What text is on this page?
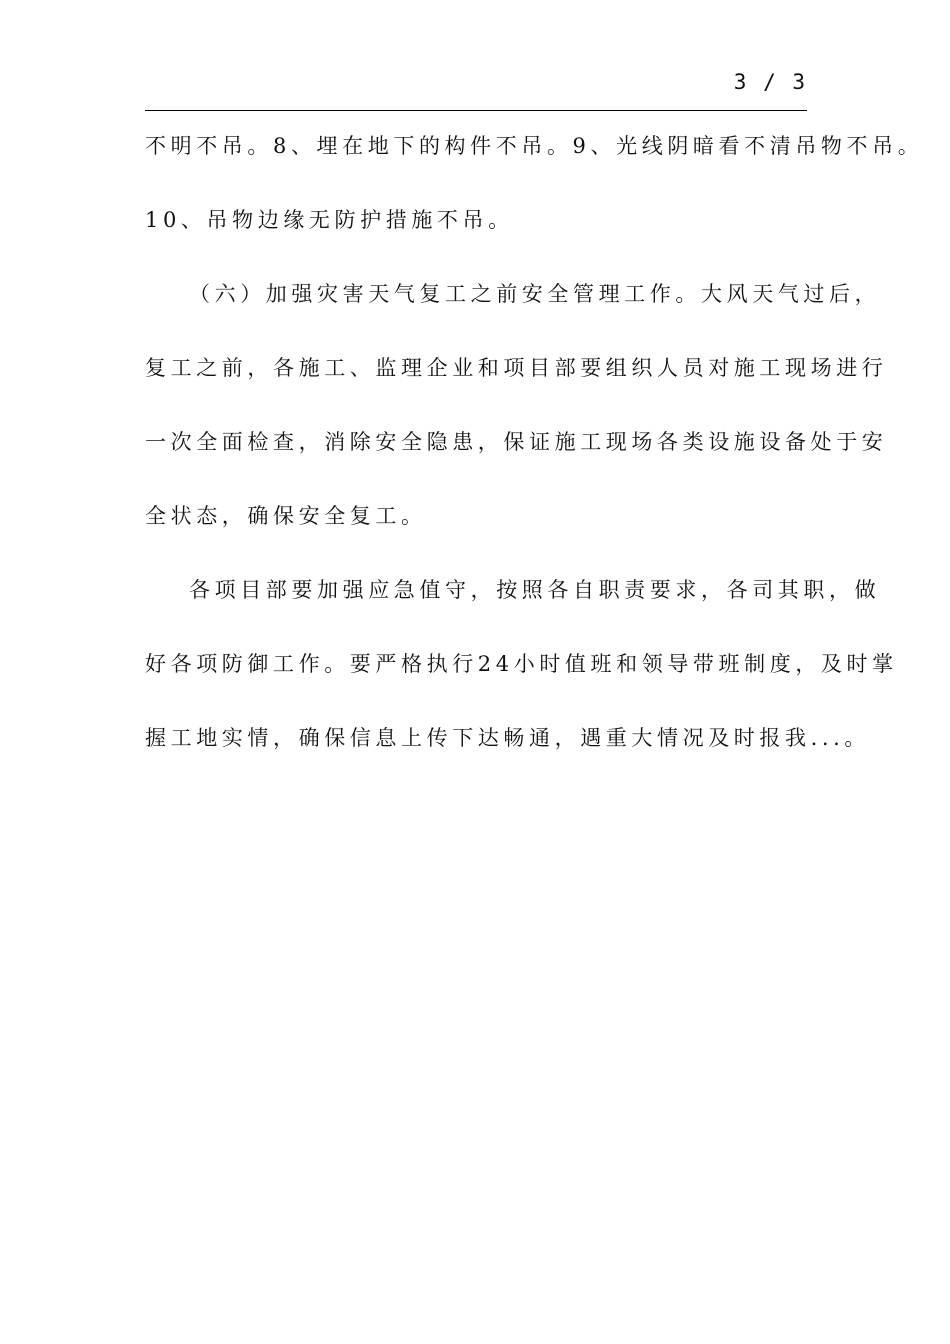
3 / 3
不明不吊。8、埋在地下的构件不吊。9、光线阴暗看不清吊物不吊。
10、吊物边缘无防护措施不吊。
（六）加强灾害天气复工之前安全管理工作。大风天气过后，
复工之前，各施工、监理企业和项目部要组织人员对施工现场进行
一次全面检查，消除安全隐患，保证施工现场各类设施设备处于安
全状态，确保安全复工。
各项目部要加强应急值守，按照各自职责要求，各司其职，做
好各项防御工作。要严格执行24小时值班和领导带班制度，及时掌
握工地实情，确保信息上传下达畅通，遇重大情况及时报我...。
